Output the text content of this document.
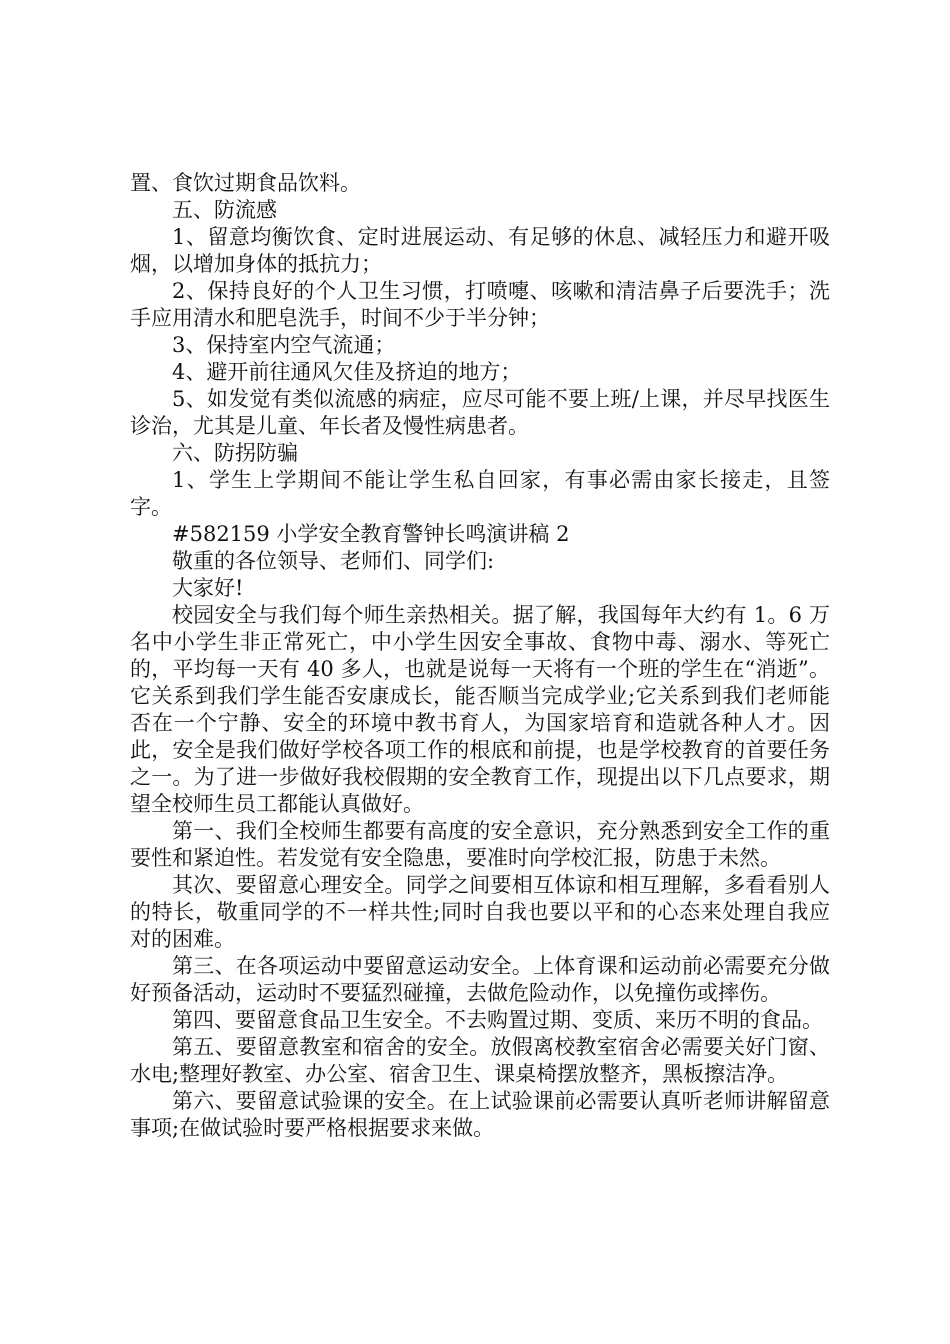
置、食饮过期食品饮料。

五、防流感

1、留意均衡饮食、定时进展运动、有足够的休息、减轻压力和避开吸烟，以增加身体的抵抗力；

2、保持良好的个人卫生习惯，打喷嚏、咳嗽和清洁鼻子后要洗手；洗手应用清水和肥皂洗手，时间不少于半分钟；

3、保持室内空气流通；

4、避开前往通风欠佳及挤迫的地方；

5、如发觉有类似流感的病症，应尽可能不要上班/上课，并尽早找医生诊治，尤其是儿童、年长者及慢性病患者。

六、防拐防骗

1、学生上学期间不能让学生私自回家，有事必需由家长接走，且签字。

#582159 小学安全教育警钟长鸣演讲稿 2

敬重的各位领导、老师们、同学们:

大家好!

校园安全与我们每个师生亲热相关。据了解，我国每年大约有 1。6 万名中小学生非正常死亡，中小学生因安全事故、食物中毒、溺水、等死亡的，平均每一天有 40 多人，也就是说每一天将有一个班的学生在“消逝”。它关系到我们学生能否安康成长，能否顺当完成学业;它关系到我们老师能否在一个宁静、安全的环境中教书育人，为国家培育和造就各种人才。因此，安全是我们做好学校各项工作的根底和前提，也是学校教育的首要任务之一。为了进一步做好我校假期的安全教育工作，现提出以下几点要求，期望全校师生员工都能认真做好。

第一、我们全校师生都要有高度的安全意识，充分熟悉到安全工作的重要性和紧迫性。若发觉有安全隐患，要准时向学校汇报，防患于未然。

其次、要留意心理安全。同学之间要相互体谅和相互理解，多看看别人的特长，敬重同学的不一样共性;同时自我也要以平和的心态来处理自我应对的困难。

第三、在各项运动中要留意运动安全。上体育课和运动前必需要充分做好预备活动，运动时不要猛烈碰撞，去做危险动作，以免撞伤或摔伤。

第四、要留意食品卫生安全。不去购置过期、变质、来历不明的食品。

第五、要留意教室和宿舍的安全。放假离校教室宿舍必需要关好门窗、水电;整理好教室、办公室、宿舍卫生、课桌椅摆放整齐，黑板擦洁净。

第六、要留意试验课的安全。在上试验课前必需要认真听老师讲解留意事项;在做试验时要严格根据要求来做。
